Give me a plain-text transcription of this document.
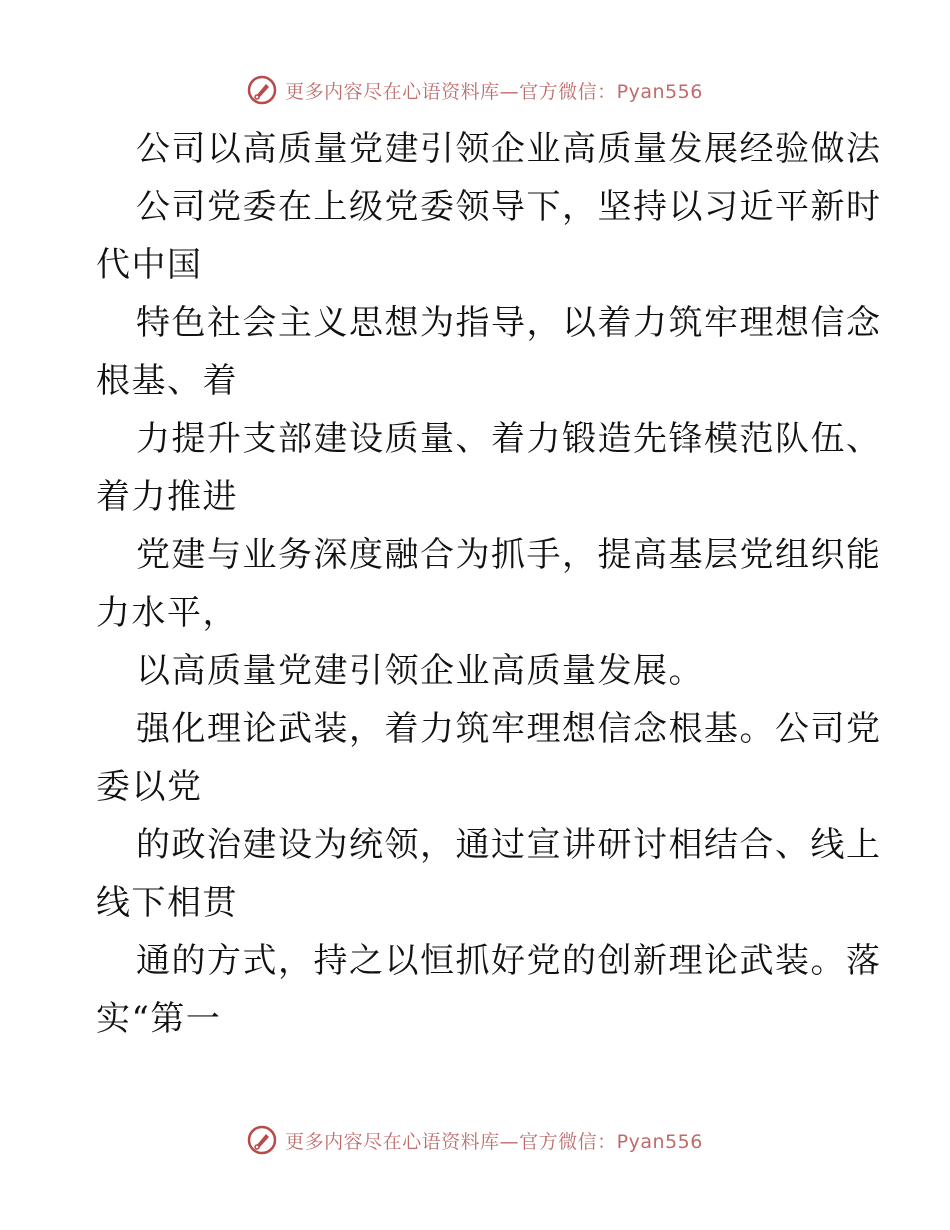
更多内容尽在心语资料库—官方微信：Pyan556
公司以高质量党建引领企业高质量发展经验做法
公司党委在上级党委领导下，坚持以习近平新时
代中国
特色社会主义思想为指导，以着力筑牢理想信念
根基、着
力提升支部建设质量、着力锻造先锋模范队伍、
着力推进
党建与业务深度融合为抓手，提高基层党组织能
力水平，
以高质量党建引领企业高质量发展。
强化理论武装，着力筑牢理想信念根基。公司党
委以党
的政治建设为统领，通过宣讲研讨相结合、线上
线下相贯
通的方式，持之以恒抓好党的创新理论武装。落
实“第一
更多内容尽在心语资料库—官方微信：Pyan556
